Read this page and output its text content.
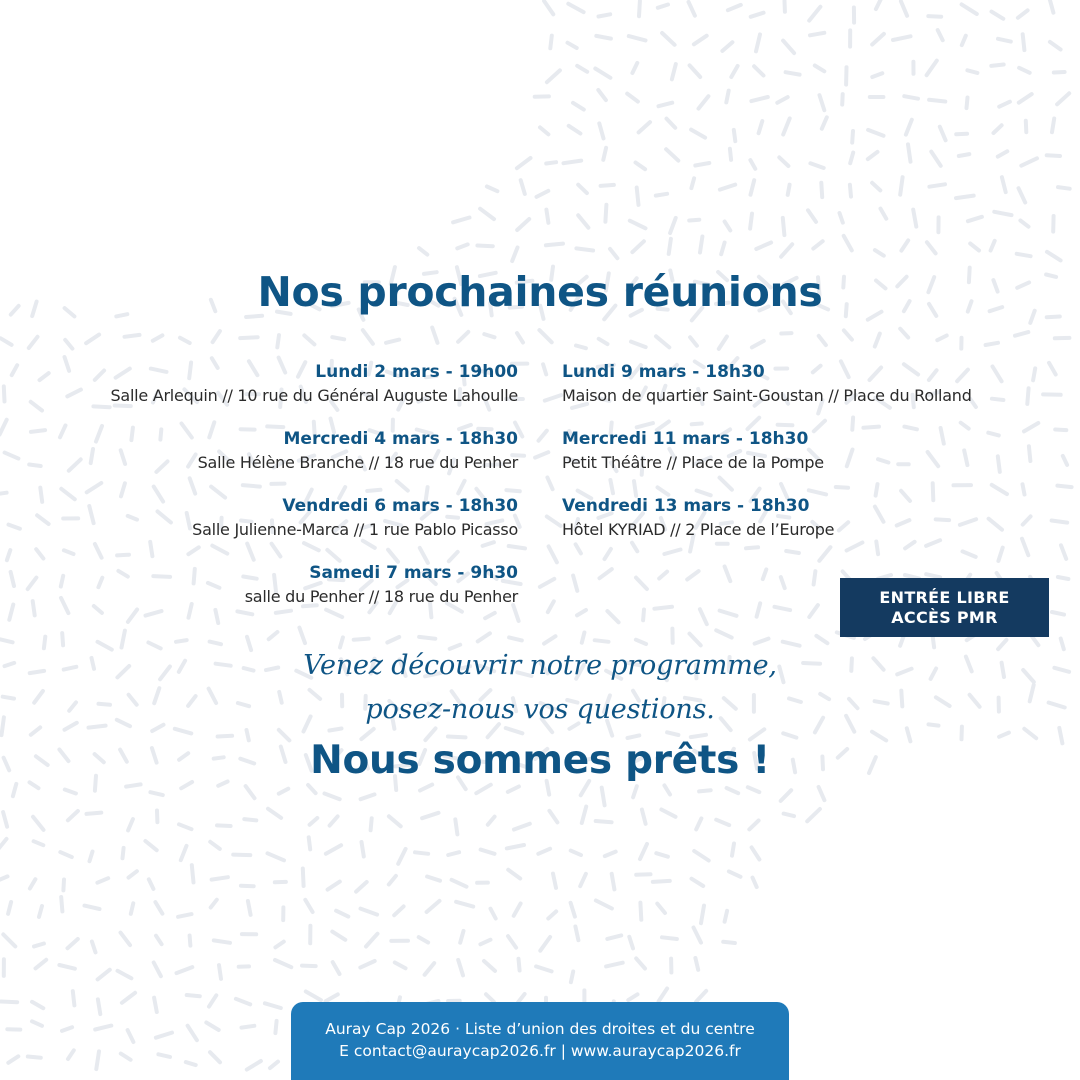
Nos prochaines réunions
Lundi 2 mars - 19h00
Salle Arlequin // 10 rue du Général Auguste Lahoulle
Mercredi 4 mars - 18h30
Salle Hélène Branche // 18 rue du Penher
Vendredi 6 mars - 18h30
Salle Julienne-Marca // 1 rue Pablo Picasso
Samedi 7 mars - 9h30
salle du Penher // 18 rue du Penher
Lundi 9 mars - 18h30
Maison de quartier Saint-Goustan // Place du Rolland
Mercredi 11 mars - 18h30
Petit Théâtre // Place de la Pompe
Vendredi 13 mars - 18h30
Hôtel KYRIAD // 2 Place de l’Europe
ENTRÉE LIBRE
ACCÈS PMR
Venez découvrir notre programme,
posez-nous vos questions.
Nous sommes prêts !
Auray Cap 2026 · Liste d’union des droites et du centre
E contact@auraycap2026.fr | www.auraycap2026.fr
